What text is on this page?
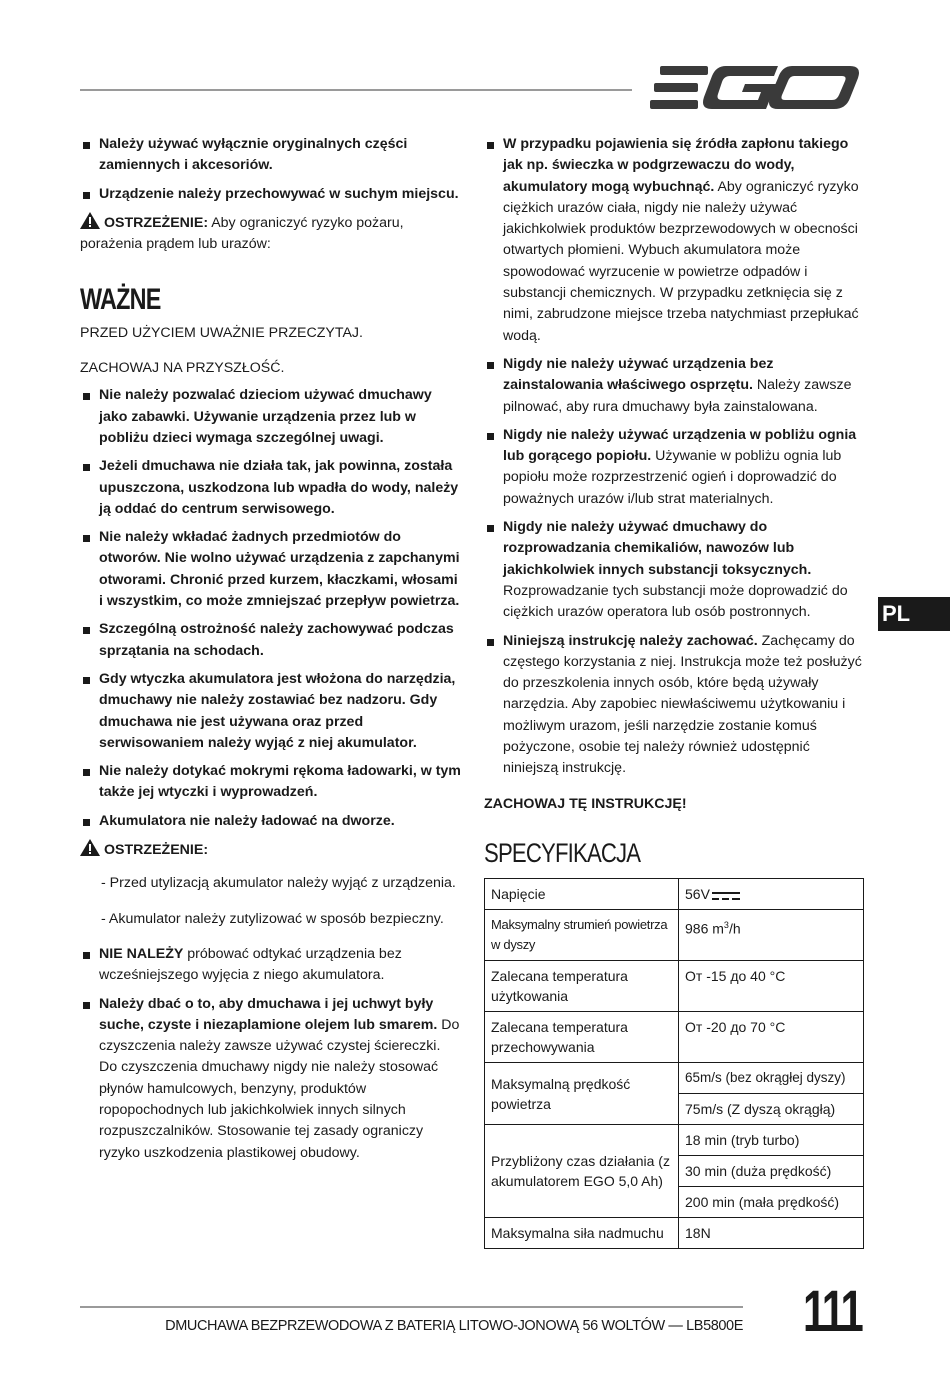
Należy używać wyłącznie oryginalnych części zamiennych i akcesoriów.
Urządzenie należy przechowywać w suchym miejscu.
OSTRZEŻENIE: Aby ograniczyć ryzyko pożaru, porażenia prądem lub urazów:
WAŻNE

PRZED UŻYCIEM UWAŻNIE PRZECZYTAJ.

ZACHOWAJ NA PRZYSZŁOŚĆ.

Nie należy pozwalać dzieciom używać dmuchawy jako zabawki. Używanie urządzenia przez lub w pobliżu dzieci wymaga szczególnej uwagi.
Jeżeli dmuchawa nie działa tak, jak powinna, została upuszczona, uszkodzona lub wpadła do wody, należy ją oddać do centrum serwisowego.
Nie należy wkładać żadnych przedmiotów do otworów. Nie wolno używać urządzenia z zapchanymi otworami. Chronić przed kurzem, kłaczkami, włosami i wszystkim, co może zmniejszać przepływ powietrza.
Szczególną ostrożność należy zachowywać podczas sprzątania na schodach.
Gdy wtyczka akumulatora jest włożona do narzędzia, dmuchawy nie należy zostawiać bez nadzoru. Gdy dmuchawa nie jest używana oraz przed serwisowaniem należy wyjąć z niej akumulator.
Nie należy dotykać mokrymi rękoma ładowarki, w tym także jej wtyczki i wyprowadzeń.
Akumulatora nie należy ładować na dworze.
OSTRZEŻENIE:

- Przed utylizacją akumulator należy wyjąć z urządzenia.

- Akumulator należy zutylizować w sposób bezpieczny.

NIE NALEŻY próbować odtykać urządzenia bez wcześniejszego wyjęcia z niego akumulatora.
Należy dbać o to, aby dmuchawa i jej uchwyt były suche, czyste i niezaplamione olejem lub smarem. Do czyszczenia należy zawsze używać czystej ściereczki. Do czyszczenia dmuchawy nigdy nie należy stosować płynów hamulcowych, benzyny, produktów ropopochodnych lub jakichkolwiek innych silnych rozpuszczalników. Stosowanie tej zasady ograniczy ryzyko uszkodzenia plastikowej obudowy.
W przypadku pojawienia się źródła zapłonu takiego jak np. świeczka w podgrzewaczu do wody, akumulatory mogą wybuchnąć. Aby ograniczyć ryzyko ciężkich urazów ciała, nigdy nie należy używać jakichkolwiek produktów bezprzewodowych w obecności otwartych płomieni. Wybuch akumulatora może spowodować wyrzucenie w powietrze odpadów i substancji chemicznych. W przypadku zetknięcia się z nimi, zabrudzone miejsce trzeba natychmiast przepłukać wodą.
Nigdy nie należy używać urządzenia bez zainstalowania właściwego osprzętu. Należy zawsze pilnować, aby rura dmuchawy była zainstalowana.
Nigdy nie należy używać urządzenia w pobliżu ognia lub gorącego popiołu. Używanie w pobliżu ognia lub popiołu może rozprzestrzenić ogień i doprowadzić do poważnych urazów i/lub strat materialnych.
Nigdy nie należy używać dmuchawy do rozprowadzania chemikaliów, nawozów lub jakichkolwiek innych substancji toksycznych. Rozprowadzanie tych substancji może doprowadzić do ciężkich urazów operatora lub osób postronnych.
Niniejszą instrukcję należy zachować. Zachęcamy do częstego korzystania z niej. Instrukcja może też posłużyć do przeszkolenia innych osób, które będą używały narzędzia. Aby zapobiec niewłaściwemu użytkowaniu i możliwym urazom, jeśli narzędzie zostanie komuś pożyczone, osobie tej należy również udostępnić niniejszą instrukcję.

ZACHOWAJ TĘ INSTRUKCJĘ!

SPECYFIKACJA
Napięcie	56V
Maksymalny strumień powietrza w dyszy	986 $m^3/h$
Zalecana temperatura użytkowania	От -15 до 40 °C
Zalecana temperatura przechowywania	От -20 до 70 °C
Maksymalną prędkość powietrza	65m/s (bez okrągłej dyszy)
	75m/s (Z dyszą okrągłą)
Przybliżony czas działania (z akumulatorem EGO 5,0 Ah)	18 min (tryb turbo)
	30 min (duża prędkość)
	200 min (mała prędkość)
Maksymalna siła nadmuchu	18N
PL
DMUCHAWA BEZPRZEWODOWA Z BATERIĄ LITOWO-JONOWĄ 56 WOLTÓW — LB5800E 111
